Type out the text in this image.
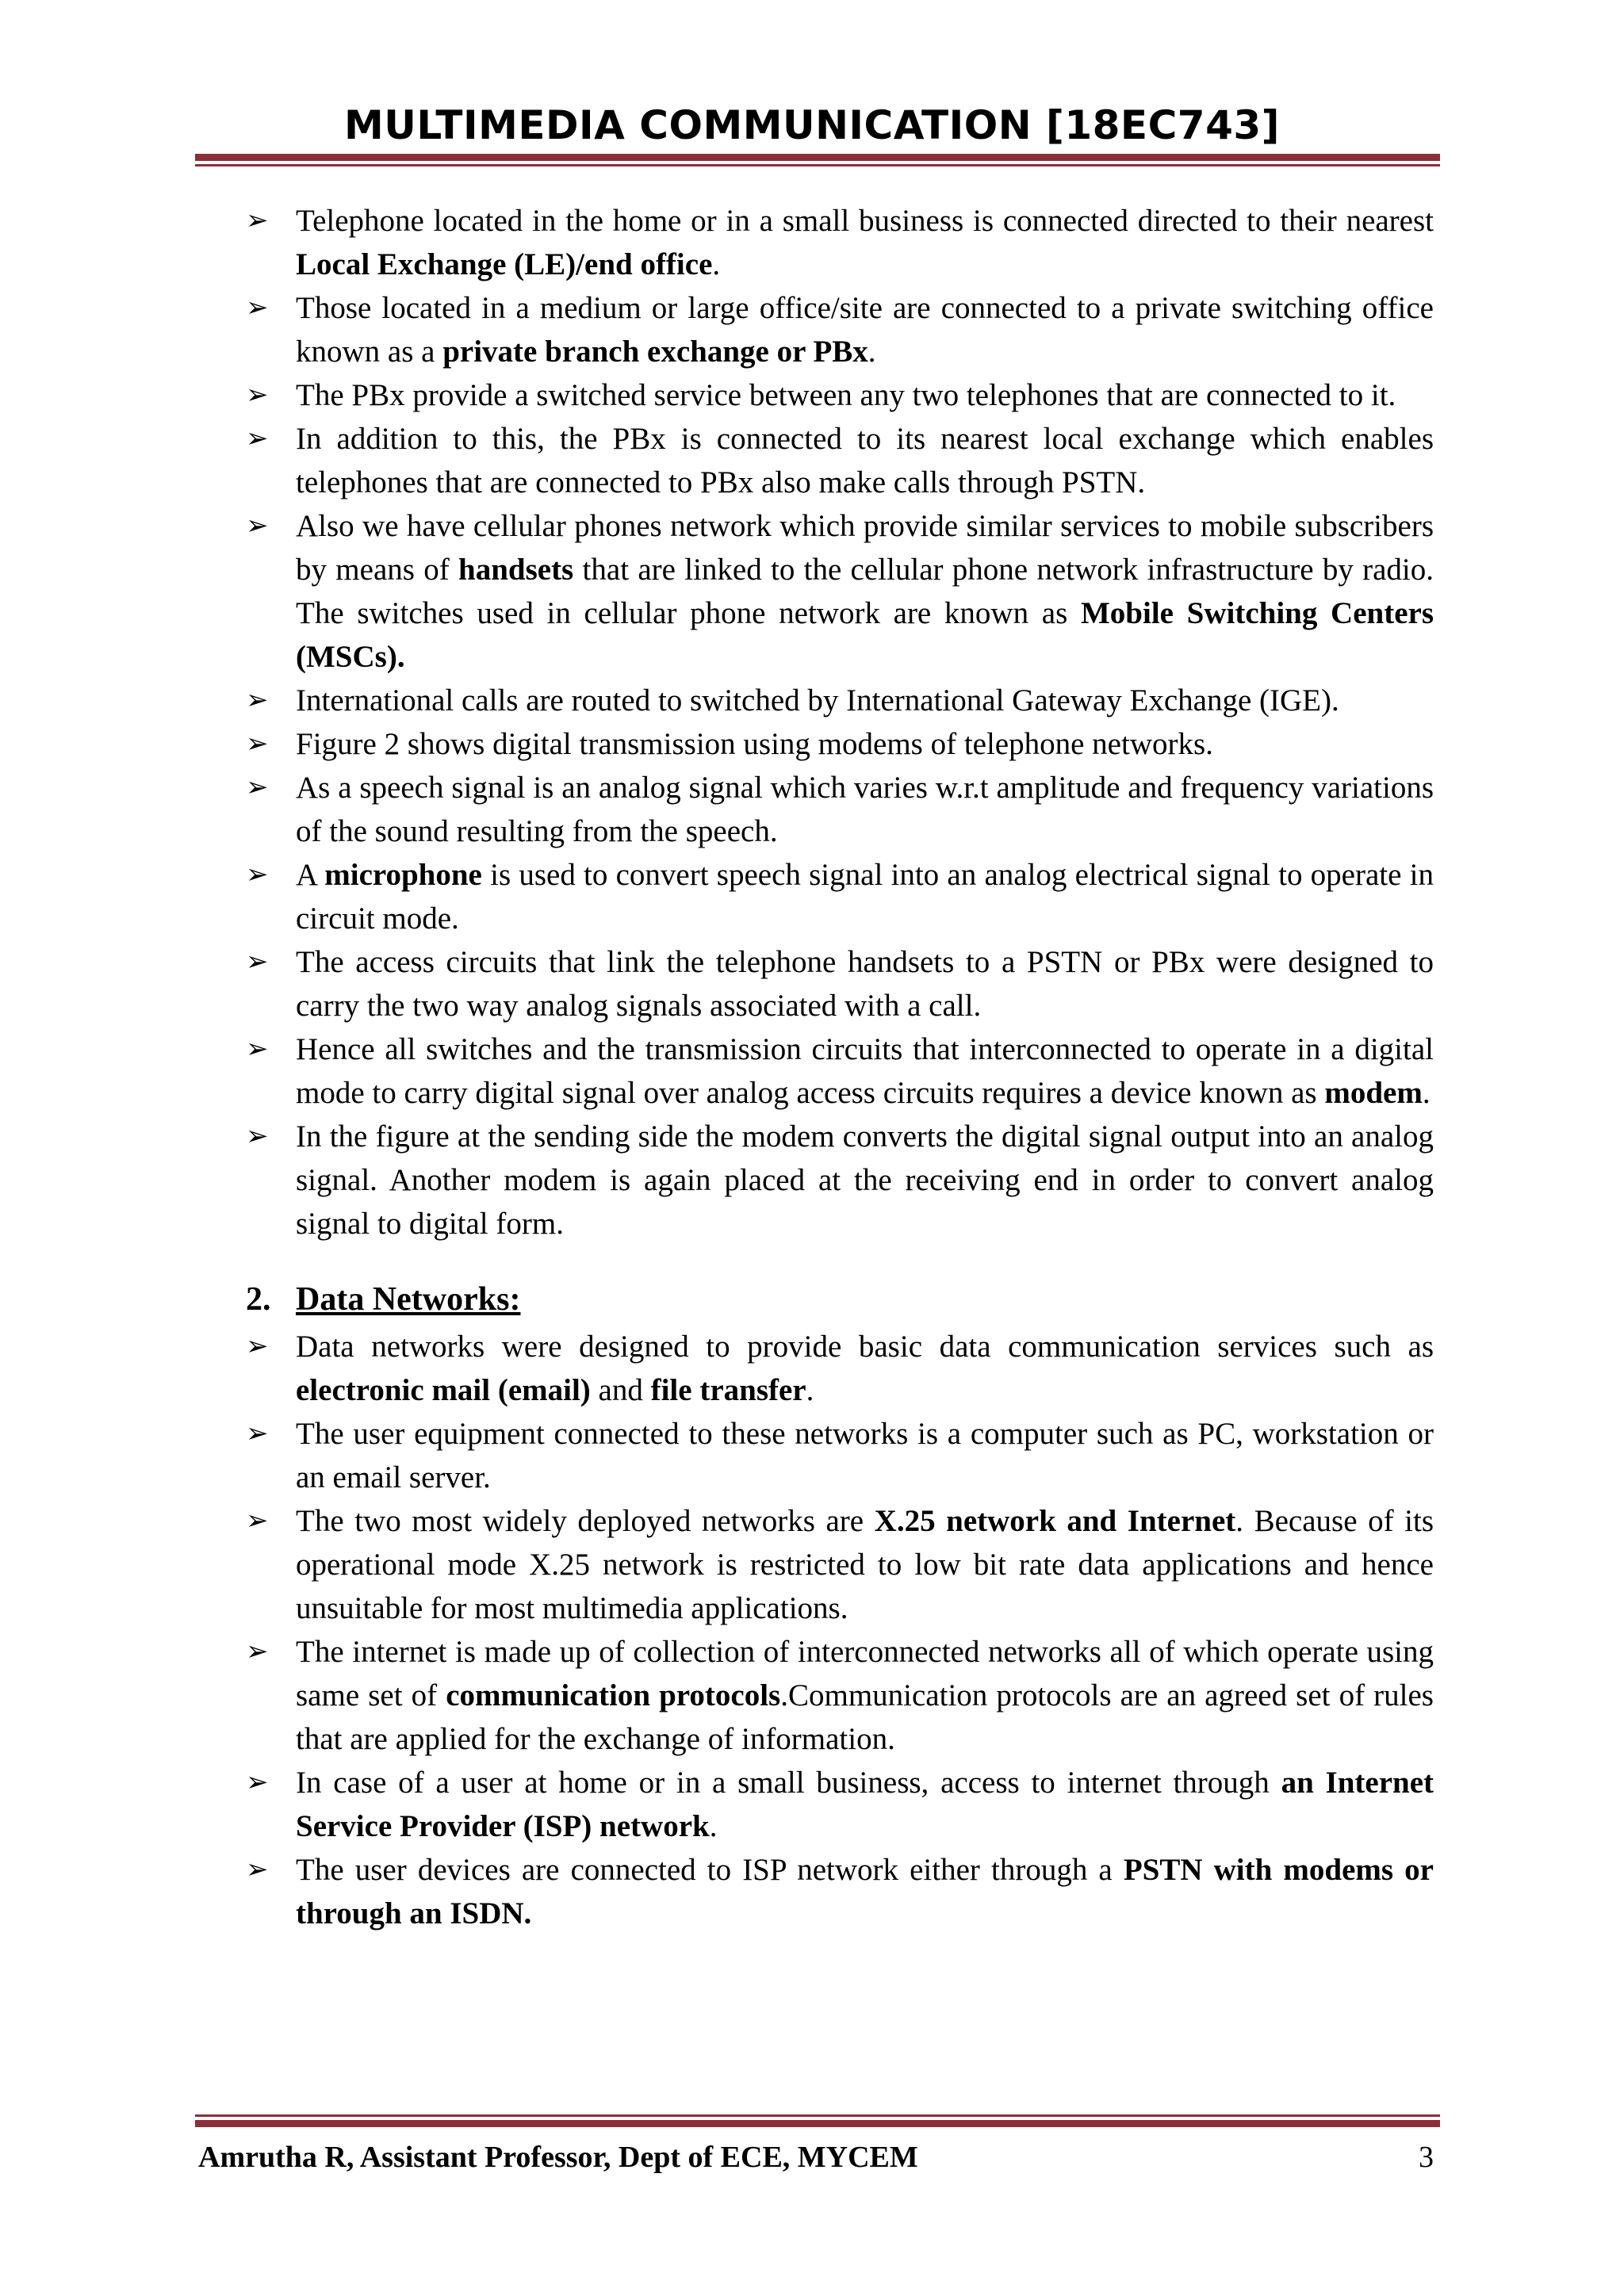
MULTIMEDIA COMMUNICATION [18EC743]
➢ Telephone located in the home or in a small business is connected directed to their nearest Local Exchange (LE)/end office.
➢ Those located in a medium or large office/site are connected to a private switching office known as a private branch exchange or PBx.
➢ The PBx provide a switched service between any two telephones that are connected to it.
➢ In addition to this, the PBx is connected to its nearest local exchange which enables telephones that are connected to PBx also make calls through PSTN.
➢ Also we have cellular phones network which provide similar services to mobile subscribers by means of handsets that are linked to the cellular phone network infrastructure by radio. The switches used in cellular phone network are known as Mobile Switching Centers (MSCs).
➢ International calls are routed to switched by International Gateway Exchange (IGE).
➢ Figure 2 shows digital transmission using modems of telephone networks.
➢ As a speech signal is an analog signal which varies w.r.t amplitude and frequency variations of the sound resulting from the speech.
➢ A microphone is used to convert speech signal into an analog electrical signal to operate in circuit mode.
➢ The access circuits that link the telephone handsets to a PSTN or PBx were designed to carry the two way analog signals associated with a call.
➢ Hence all switches and the transmission circuits that interconnected to operate in a digital mode to carry digital signal over analog access circuits requires a device known as modem.
➢ In the figure at the sending side the modem converts the digital signal output into an analog signal. Another modem is again placed at the receiving end in order to convert analog signal to digital form.
2. Data Networks:
➢ Data networks were designed to provide basic data communication services such as electronic mail (email) and file transfer.
➢ The user equipment connected to these networks is a computer such as PC, workstation or an email server.
➢ The two most widely deployed networks are X.25 network and Internet. Because of its operational mode X.25 network is restricted to low bit rate data applications and hence unsuitable for most multimedia applications.
➢ The internet is made up of collection of interconnected networks all of which operate using same set of communication protocols.Communication protocols are an agreed set of rules that are applied for the exchange of information.
➢ In case of a user at home or in a small business, access to internet through an Internet Service Provider (ISP) network.
➢ The user devices are connected to ISP network either through a PSTN with modems or through an ISDN.
Amrutha R, Assistant Professor, Dept of ECE, MYCEM	3
